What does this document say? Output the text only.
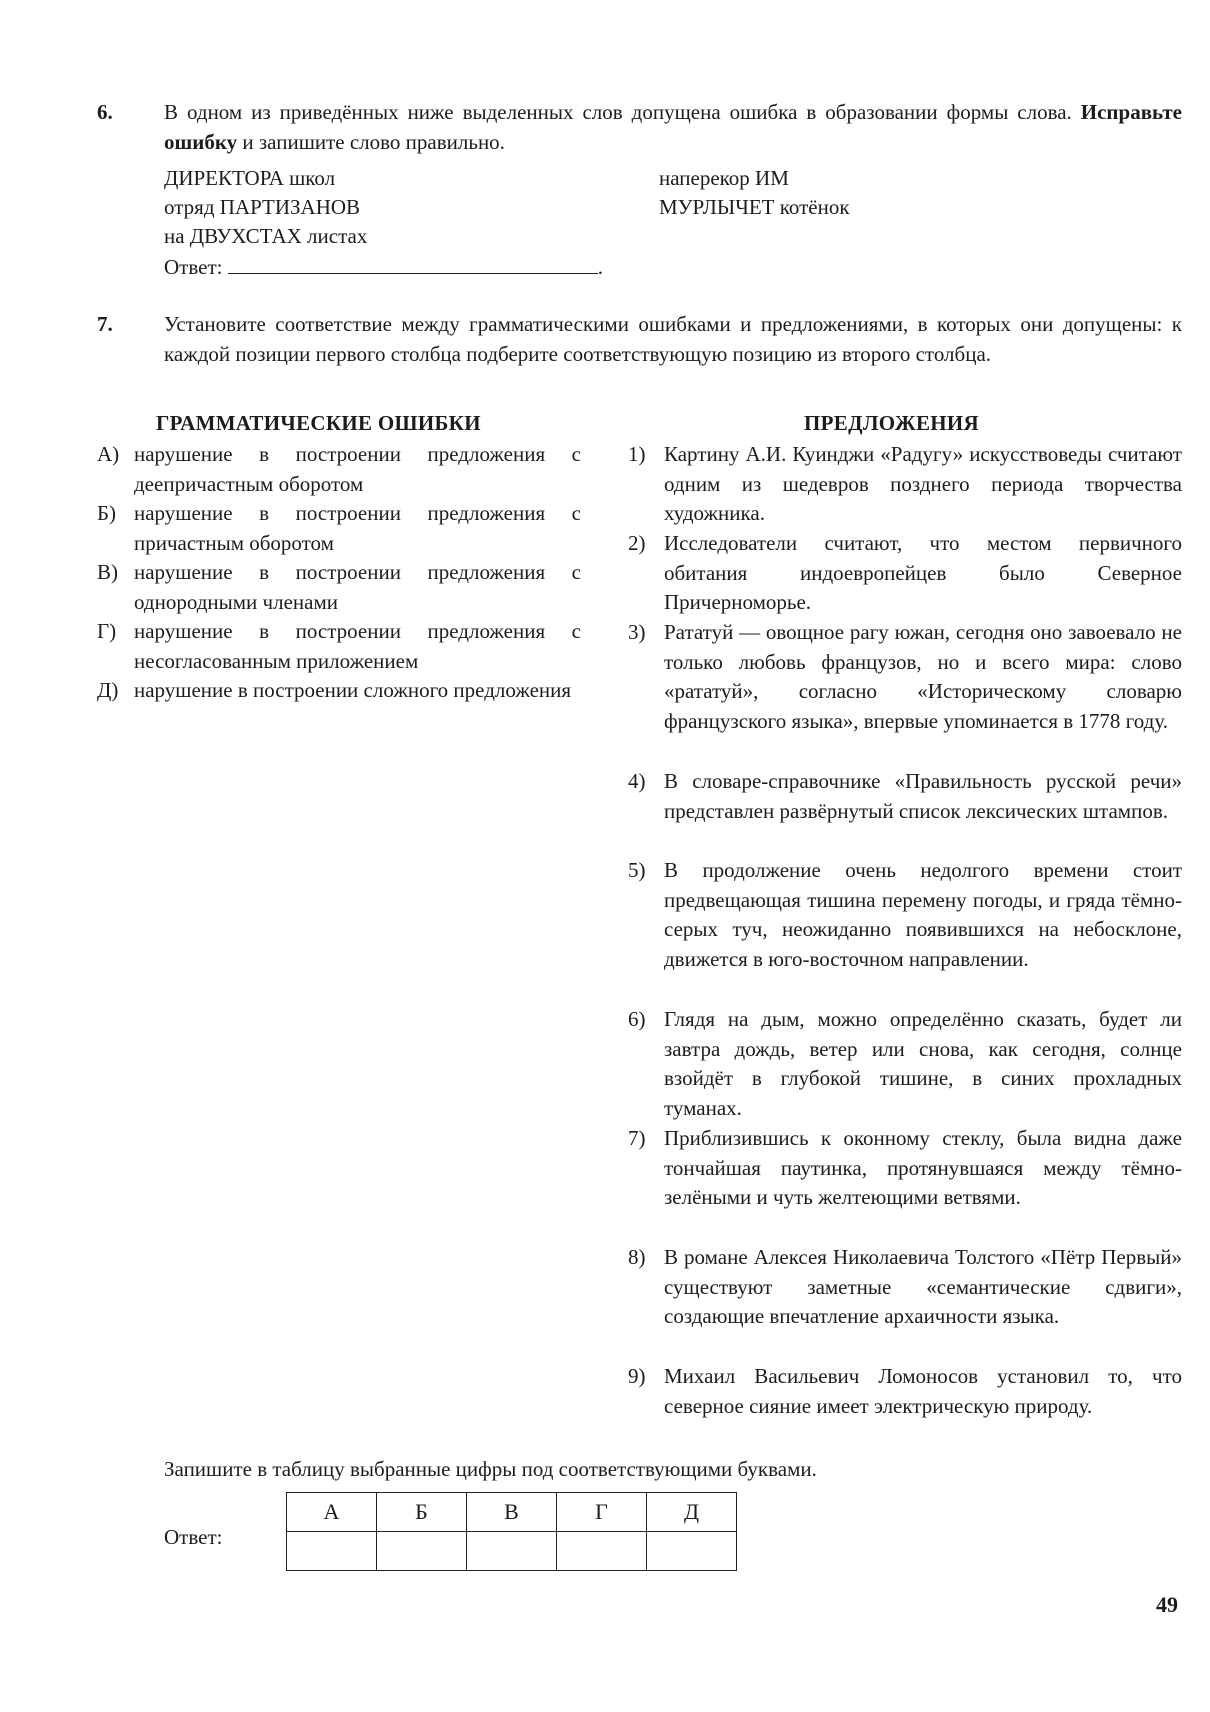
6. В одном из приведённых ниже выделенных слов допущена ошибка в образовании формы слова. Исправьте ошибку и запишите слово правильно.
ДИРЕКТОРА школ
отряд ПАРТИЗАНОВ
на ДВУХСТАХ листах
наперекор ИМ
МУРЛЫЧЕТ котёнок
Ответ:	.
7. Установите соответствие между грамматическими ошибками и предложениями, в которых они допущены: к каждой позиции первого столбца подберите соответствующую позицию из второго столбца.
ГРАММАТИЧЕСКИЕ ОШИБКИ	ПРЕДЛОЖЕНИЯ
А) нарушение в построении предложения с деепричастным оборотом
Б) нарушение в построении предложения с причастным оборотом
В) нарушение в построении предложения с однородными членами
Г) нарушение в построении предложения с несогласованным приложением
Д) нарушение в построении сложного предложения
1) Картину А.И. Куинджи «Радугу» искусствоведы считают одним из шедевров позднего периода творчества художника.
2) Исследователи считают, что местом первичного обитания индоевропейцев было Северное Причерноморье.
3) Рататуй — овощное рагу южан, сегодня оно завоевало не только любовь французов, но и всего мира: слово «рататуй», согласно «Историческому словарю французского языка», впервые упоминается в 1778 году.
4) В словаре-справочнике «Правильность русской речи» представлен развёрнутый список лексических штампов.
5) В продолжение очень недолгого времени стоит предвещающая тишина перемену погоды, и гряда тёмно-серых туч, неожиданно появившихся на небосклоне, движется в юго-восточном направлении.
6) Глядя на дым, можно определённо сказать, будет ли завтра дождь, ветер или снова, как сегодня, солнце взойдёт в глубокой тишине, в синих прохладных туманах.
7) Приблизившись к оконному стеклу, была видна даже тончайшая паутинка, протянувшаяся между тёмно-зелёными и чуть желтеющими ветвями.
8) В романе Алексея Николаевича Толстого «Пётр Первый» существуют заметные «семантические сдвиги», создающие впечатление архаичности языка.
9) Михаил Васильевич Ломоносов установил то, что северное сияние имеет электрическую природу.
Запишите в таблицу выбранные цифры под соответствующими буквами.
Ответ:
А	Б	В	Г	Д

49
